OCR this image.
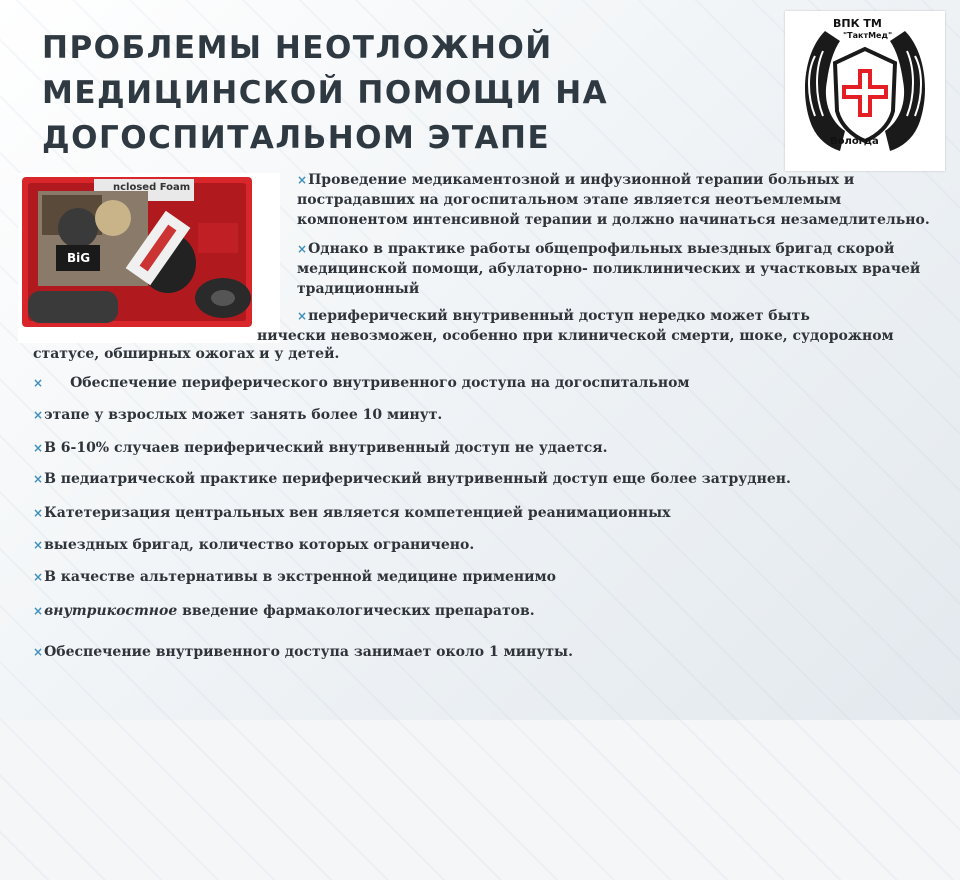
ПРОБЛЕМЫ НЕОТЛОЖНОЙ
МЕДИЦИНСКОЙ ПОМОЩИ НА
ДОГОСПИТАЛЬНОМ ЭТАПЕ
ВПК ТМ
"ТактМед"
Вологда
nclosed Foam
BiG
×Проведение медикаментозной и инфузионной терапии больных и
пострадавших на догоспитальном этапе является неотъемлемым
компонентом интенсивной терапии и должно начинаться незамедлительно.
×Однако в практике работы общепрофильных выездных бригад скорой
медицинской помощи, абулаторно- поликлинических и участковых врачей
традиционный
×периферический внутривенный доступ нередко может быть
нически невозможен, особенно при клинической смерти, шоке, судорожном
статусе, обширных ожогах и у детей.
× Обеспечение периферического внутривенного доступа на догоспитальном
×этапе у взрослых может занять более 10 минут.
×В 6-10% случаев периферический внутривенный доступ не удается.
×В педиатрической практике периферический внутривенный доступ еще более затруднен.
×Катетеризация центральных вен является компетенцией реанимационных
×выездных бригад, количество которых ограничено.
×В качестве альтернативы в экстренной медицине применимо
×внутрикостное введение фармакологических препаратов.
×Обеспечение внутривенного доступа занимает около 1 минуты.
